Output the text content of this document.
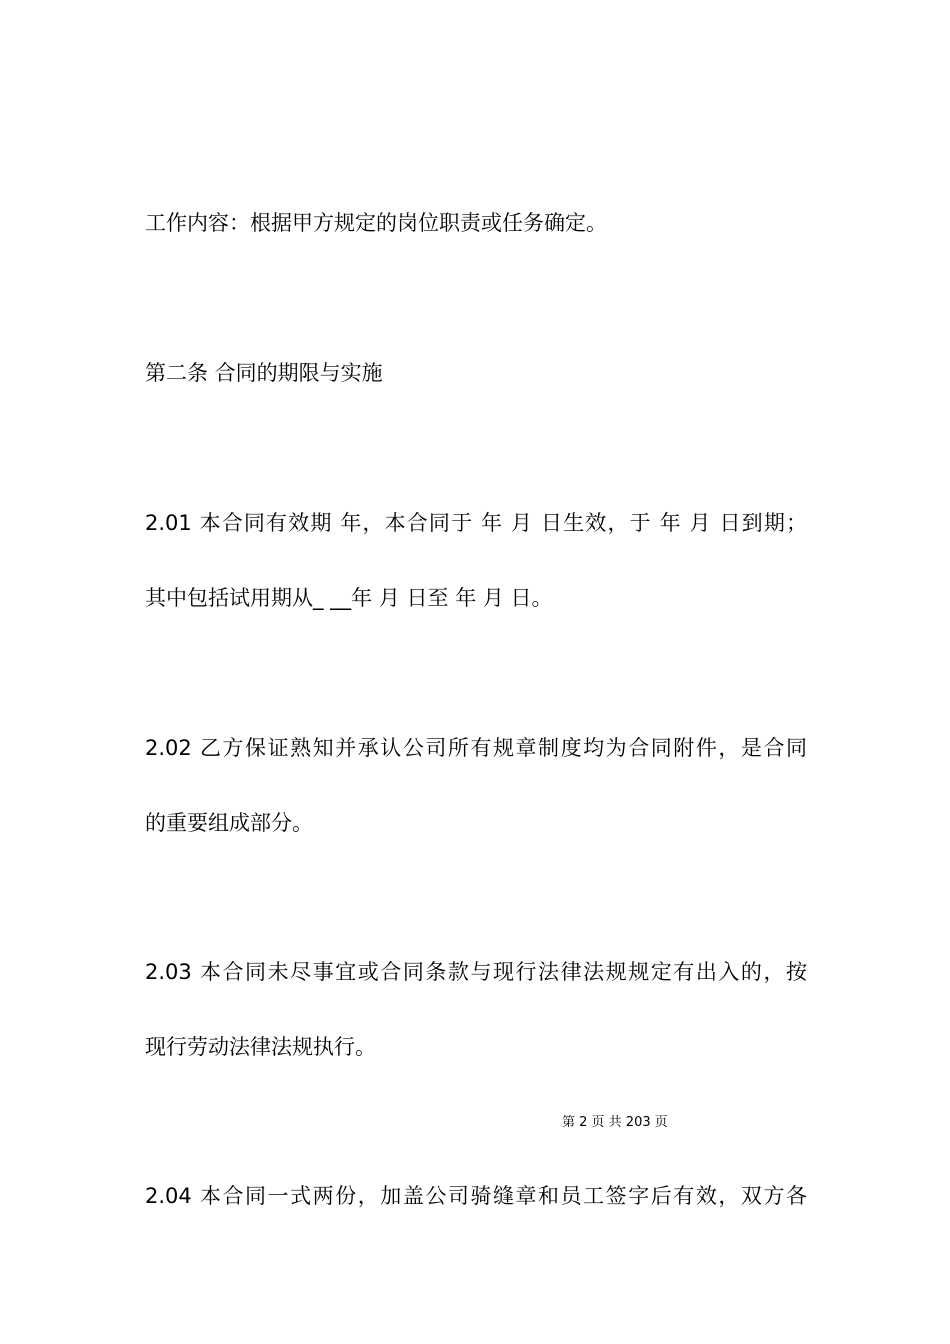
工作内容：根据甲方规定的岗位职责或任务确定。
第二条 合同的期限与实施
2.01 本合同有效期 年，本合同于 年 月 日生效，于 年 月 日到期；
其中包括试用期从_ __年 月 日至 年 月 日。
2.02 乙方保证熟知并承认公司所有规章制度均为合同附件，是合同
的重要组成部分。
2.03 本合同未尽事宜或合同条款与现行法律法规规定有出入的，按
现行劳动法律法规执行。
第 2 页 共 203 页
2.04 本合同一式两份，加盖公司骑缝章和员工签字后有效，双方各
